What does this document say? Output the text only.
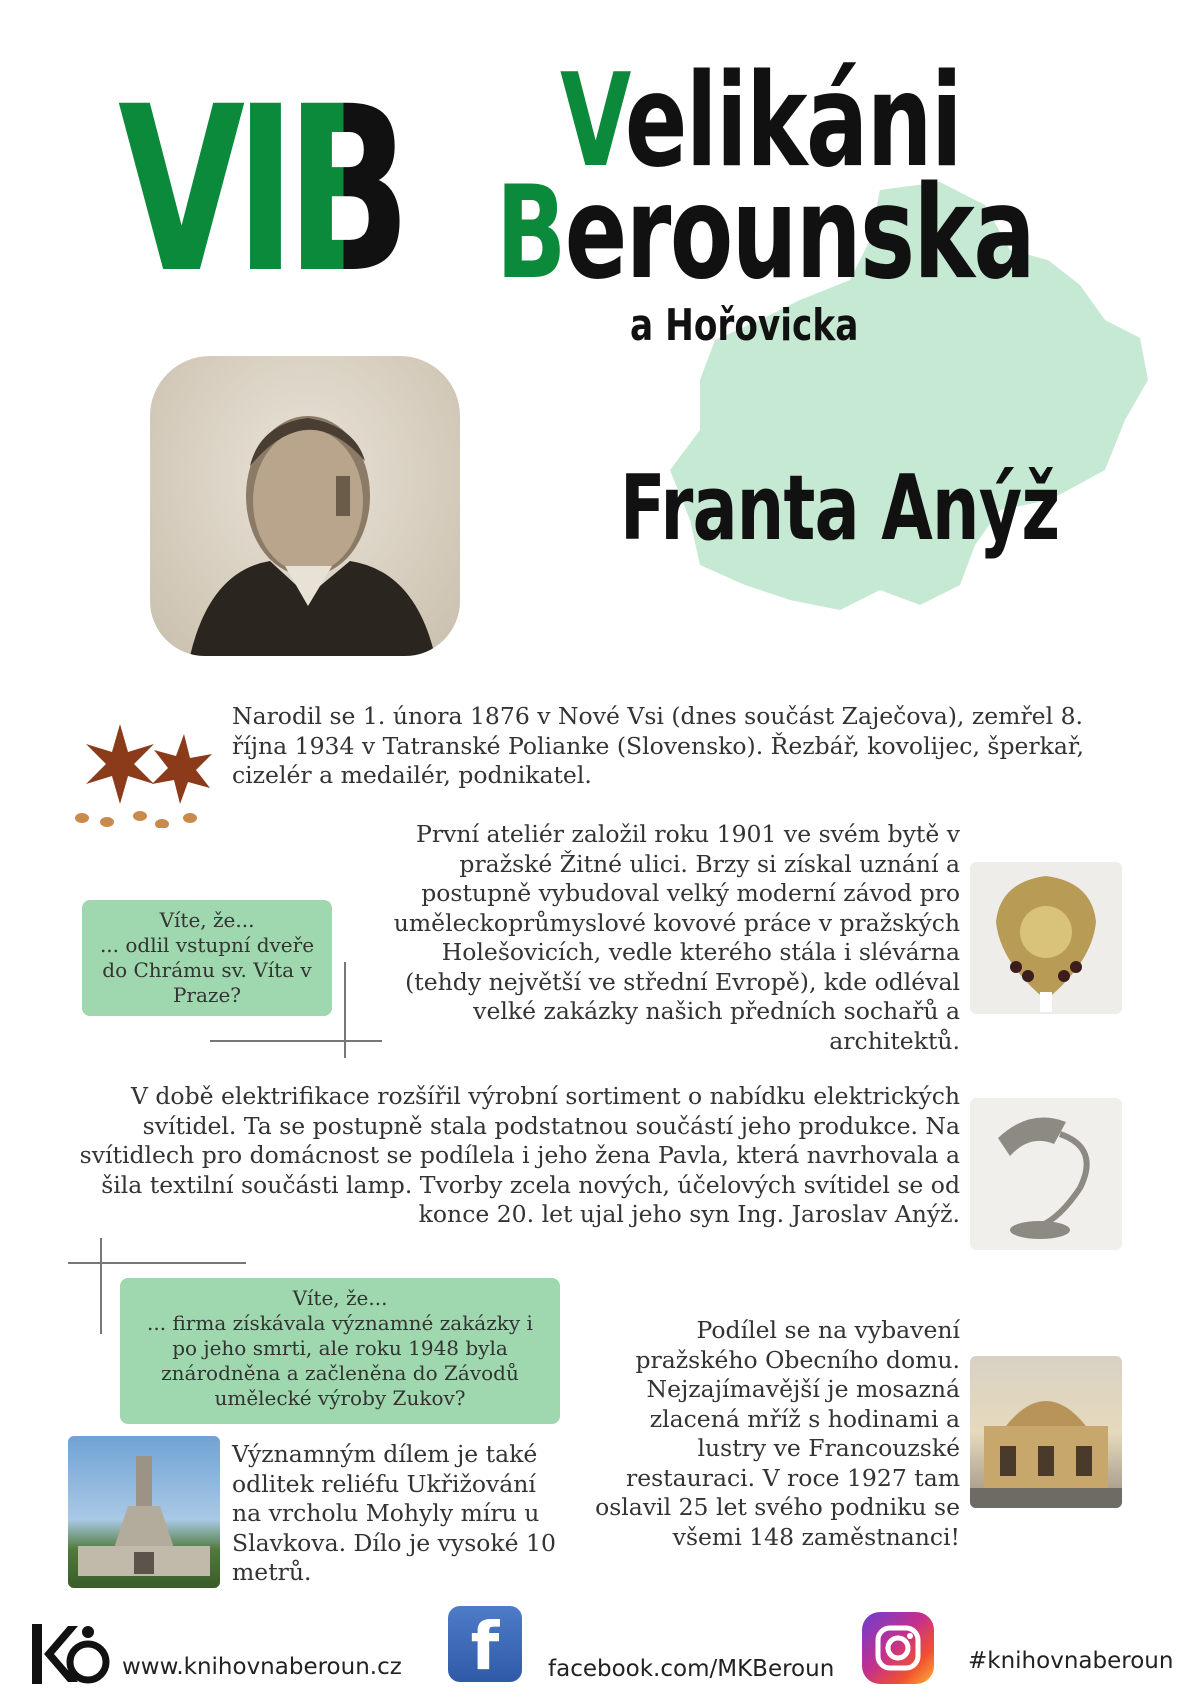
VIB Velikáni
Berounska
a Hořovicka
Franta Anýž
Narodil se 1. února 1876 v Nové Vsi (dnes součást Zaječova), zemřel 8. října 1934 v Tatranské Polianke (Slovensko). Řezbář, kovolijec, šperkař, cizelér a medailér, podnikatel.
První ateliér založil roku 1901 ve svém bytě v pražské Žitné ulici. Brzy si získal uznání a postupně vybudoval velký moderní závod pro uměleckoprůmyslové kovové práce v pražských Holešovicích, vedle kterého stála i slévárna (tehdy největší ve střední Evropě), kde odléval velké zakázky našich předních sochařů a architektů.
Víte, že...
... odlil vstupní dveře do Chrámu sv. Víta v Praze?
V době elektrifikace rozšířil výrobní sortiment o nabídku elektrických svítidel. Ta se postupně stala podstatnou součástí jeho produkce. Na svítidlech pro domácnost se podílela i jeho žena Pavla, která navrhovala a šila textilní součásti lamp. Tvorby zcela nových, účelových svítidel se od konce 20. let ujal jeho syn Ing. Jaroslav Anýž.
Víte, že...
... firma získávala významné zakázky i po jeho smrti, ale roku 1948 byla znárodněna a začleněna do Závodů umělecké výroby Zukov?
Podílel se na vybavení pražského Obecního domu. Nejzajímavější je mosazná zlacená mříž s hodinami a lustry ve Francouzské restauraci. V roce 1927 tam oslavil 25 let svého podniku se všemi 148 zaměstnanci!
Významným dílem je také odlitek reliéfu Ukřižování na vrcholu Mohyly míru u Slavkova. Dílo je vysoké 10 metrů.
www.knihovnaberoun.cz	f	facebook.com/MKBeroun	#knihovnaberoun
